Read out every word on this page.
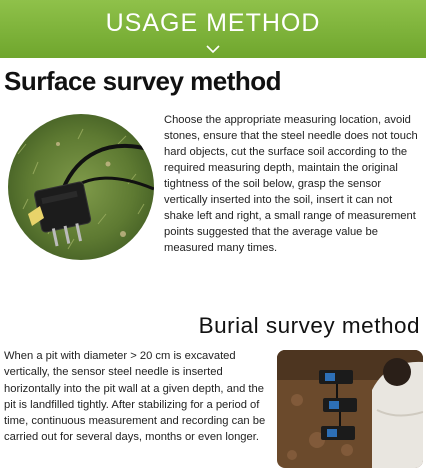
USAGE METHOD
Surface survey method
Choose the appropriate measuring location, avoid stones, ensure that the steel needle does not touch hard objects, cut the surface soil according to the required measuring depth, maintain the original tightness of the soil below, grasp the sensor vertically inserted into the soil, insert it can not shake left and right, a small range of measurement points suggested that the average value be measured many times.
Burial survey method
When a pit with diameter > 20 cm is excavated vertically, the sensor steel needle is inserted horizontally into the pit wall at a given depth, and the pit is landfilled tightly. After stabilizing for a period of time, continuous measurement and recording can be carried out for several days, months or even longer.
